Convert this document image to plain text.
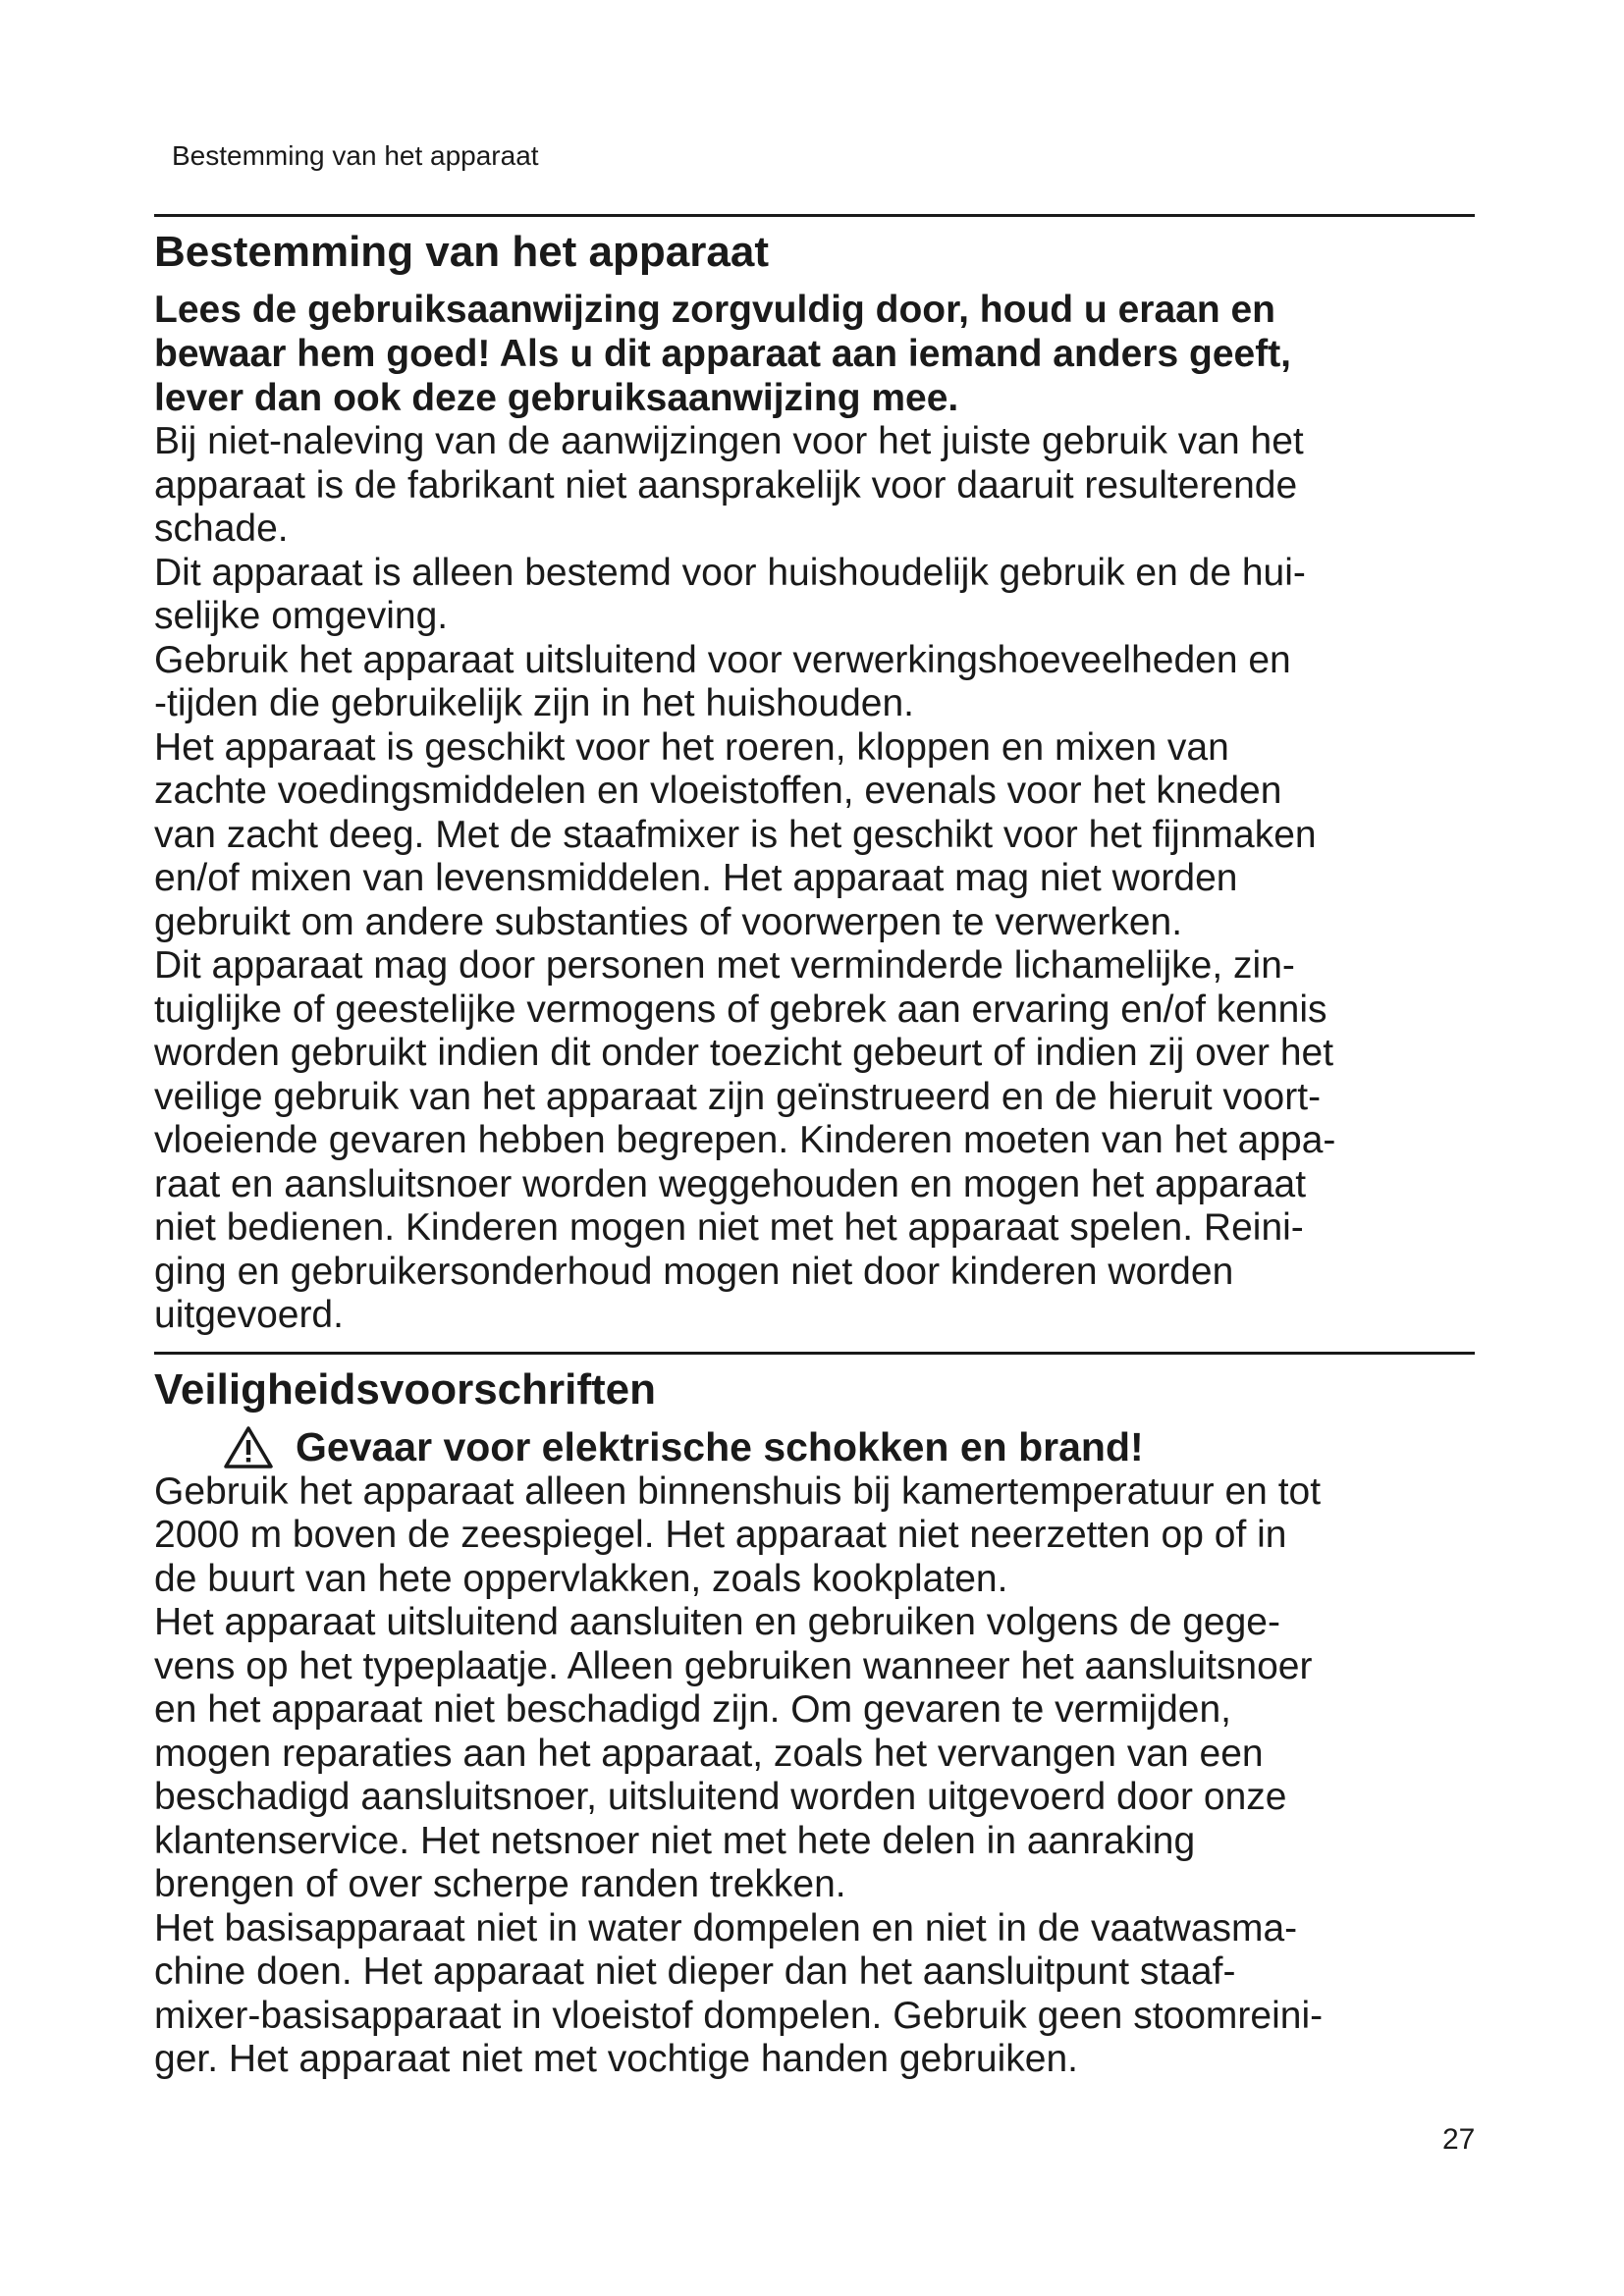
Bestemming van het apparaat
Bestemming van het apparaat
Lees de gebruiksaanwijzing zorgvuldig door, houd u eraan en
bewaar hem goed! Als u dit apparaat aan iemand anders geeft,
lever dan ook deze gebruiksaanwijzing mee.
Bij niet-naleving van de aanwijzingen voor het juiste gebruik van het
apparaat is de fabrikant niet aansprakelijk voor daaruit resulterende
schade.
Dit apparaat is alleen bestemd voor huishoudelijk gebruik en de hui-
selijke omgeving.
Gebruik het apparaat uitsluitend voor verwerkingshoeveelheden en
-tijden die gebruikelijk zijn in het huishouden.
Het apparaat is geschikt voor het roeren, kloppen en mixen van
zachte voedingsmiddelen en vloeistoffen, evenals voor het kneden
van zacht deeg. Met de staafmixer is het geschikt voor het fijnmaken
en/of mixen van levensmiddelen. Het apparaat mag niet worden
gebruikt om andere substanties of voorwerpen te verwerken.
Dit apparaat mag door personen met verminderde lichamelijke, zin-
tuiglijke of geestelijke vermogens of gebrek aan ervaring en/of kennis
worden gebruikt indien dit onder toezicht gebeurt of indien zij over het
veilige gebruik van het apparaat zijn geïnstrueerd en de hieruit voort-
vloeiende gevaren hebben begrepen. Kinderen moeten van het appa-
raat en aansluitsnoer worden weggehouden en mogen het apparaat
niet bedienen. Kinderen mogen niet met het apparaat spelen. Reini-
ging en gebruikersonderhoud mogen niet door kinderen worden
uitgevoerd.
Veiligheidsvoorschriften
Gevaar voor elektrische schokken en brand!
Gebruik het apparaat alleen binnenshuis bij kamertemperatuur en tot
2000 m boven de zeespiegel. Het apparaat niet neerzetten op of in
de buurt van hete oppervlakken, zoals kookplaten.
Het apparaat uitsluitend aansluiten en gebruiken volgens de gege-
vens op het typeplaatje. Alleen gebruiken wanneer het aansluitsnoer
en het apparaat niet beschadigd zijn. Om gevaren te vermijden,
mogen reparaties aan het apparaat, zoals het vervangen van een
beschadigd aansluitsnoer, uitsluitend worden uitgevoerd door onze
klantenservice. Het netsnoer niet met hete delen in aanraking
brengen of over scherpe randen trekken.
Het basisapparaat niet in water dompelen en niet in de vaatwasma-
chine doen. Het apparaat niet dieper dan het aansluitpunt staaf-
mixer-basisapparaat in vloeistof dompelen. Gebruik geen stoomreini-
ger. Het apparaat niet met vochtige handen gebruiken.
27
